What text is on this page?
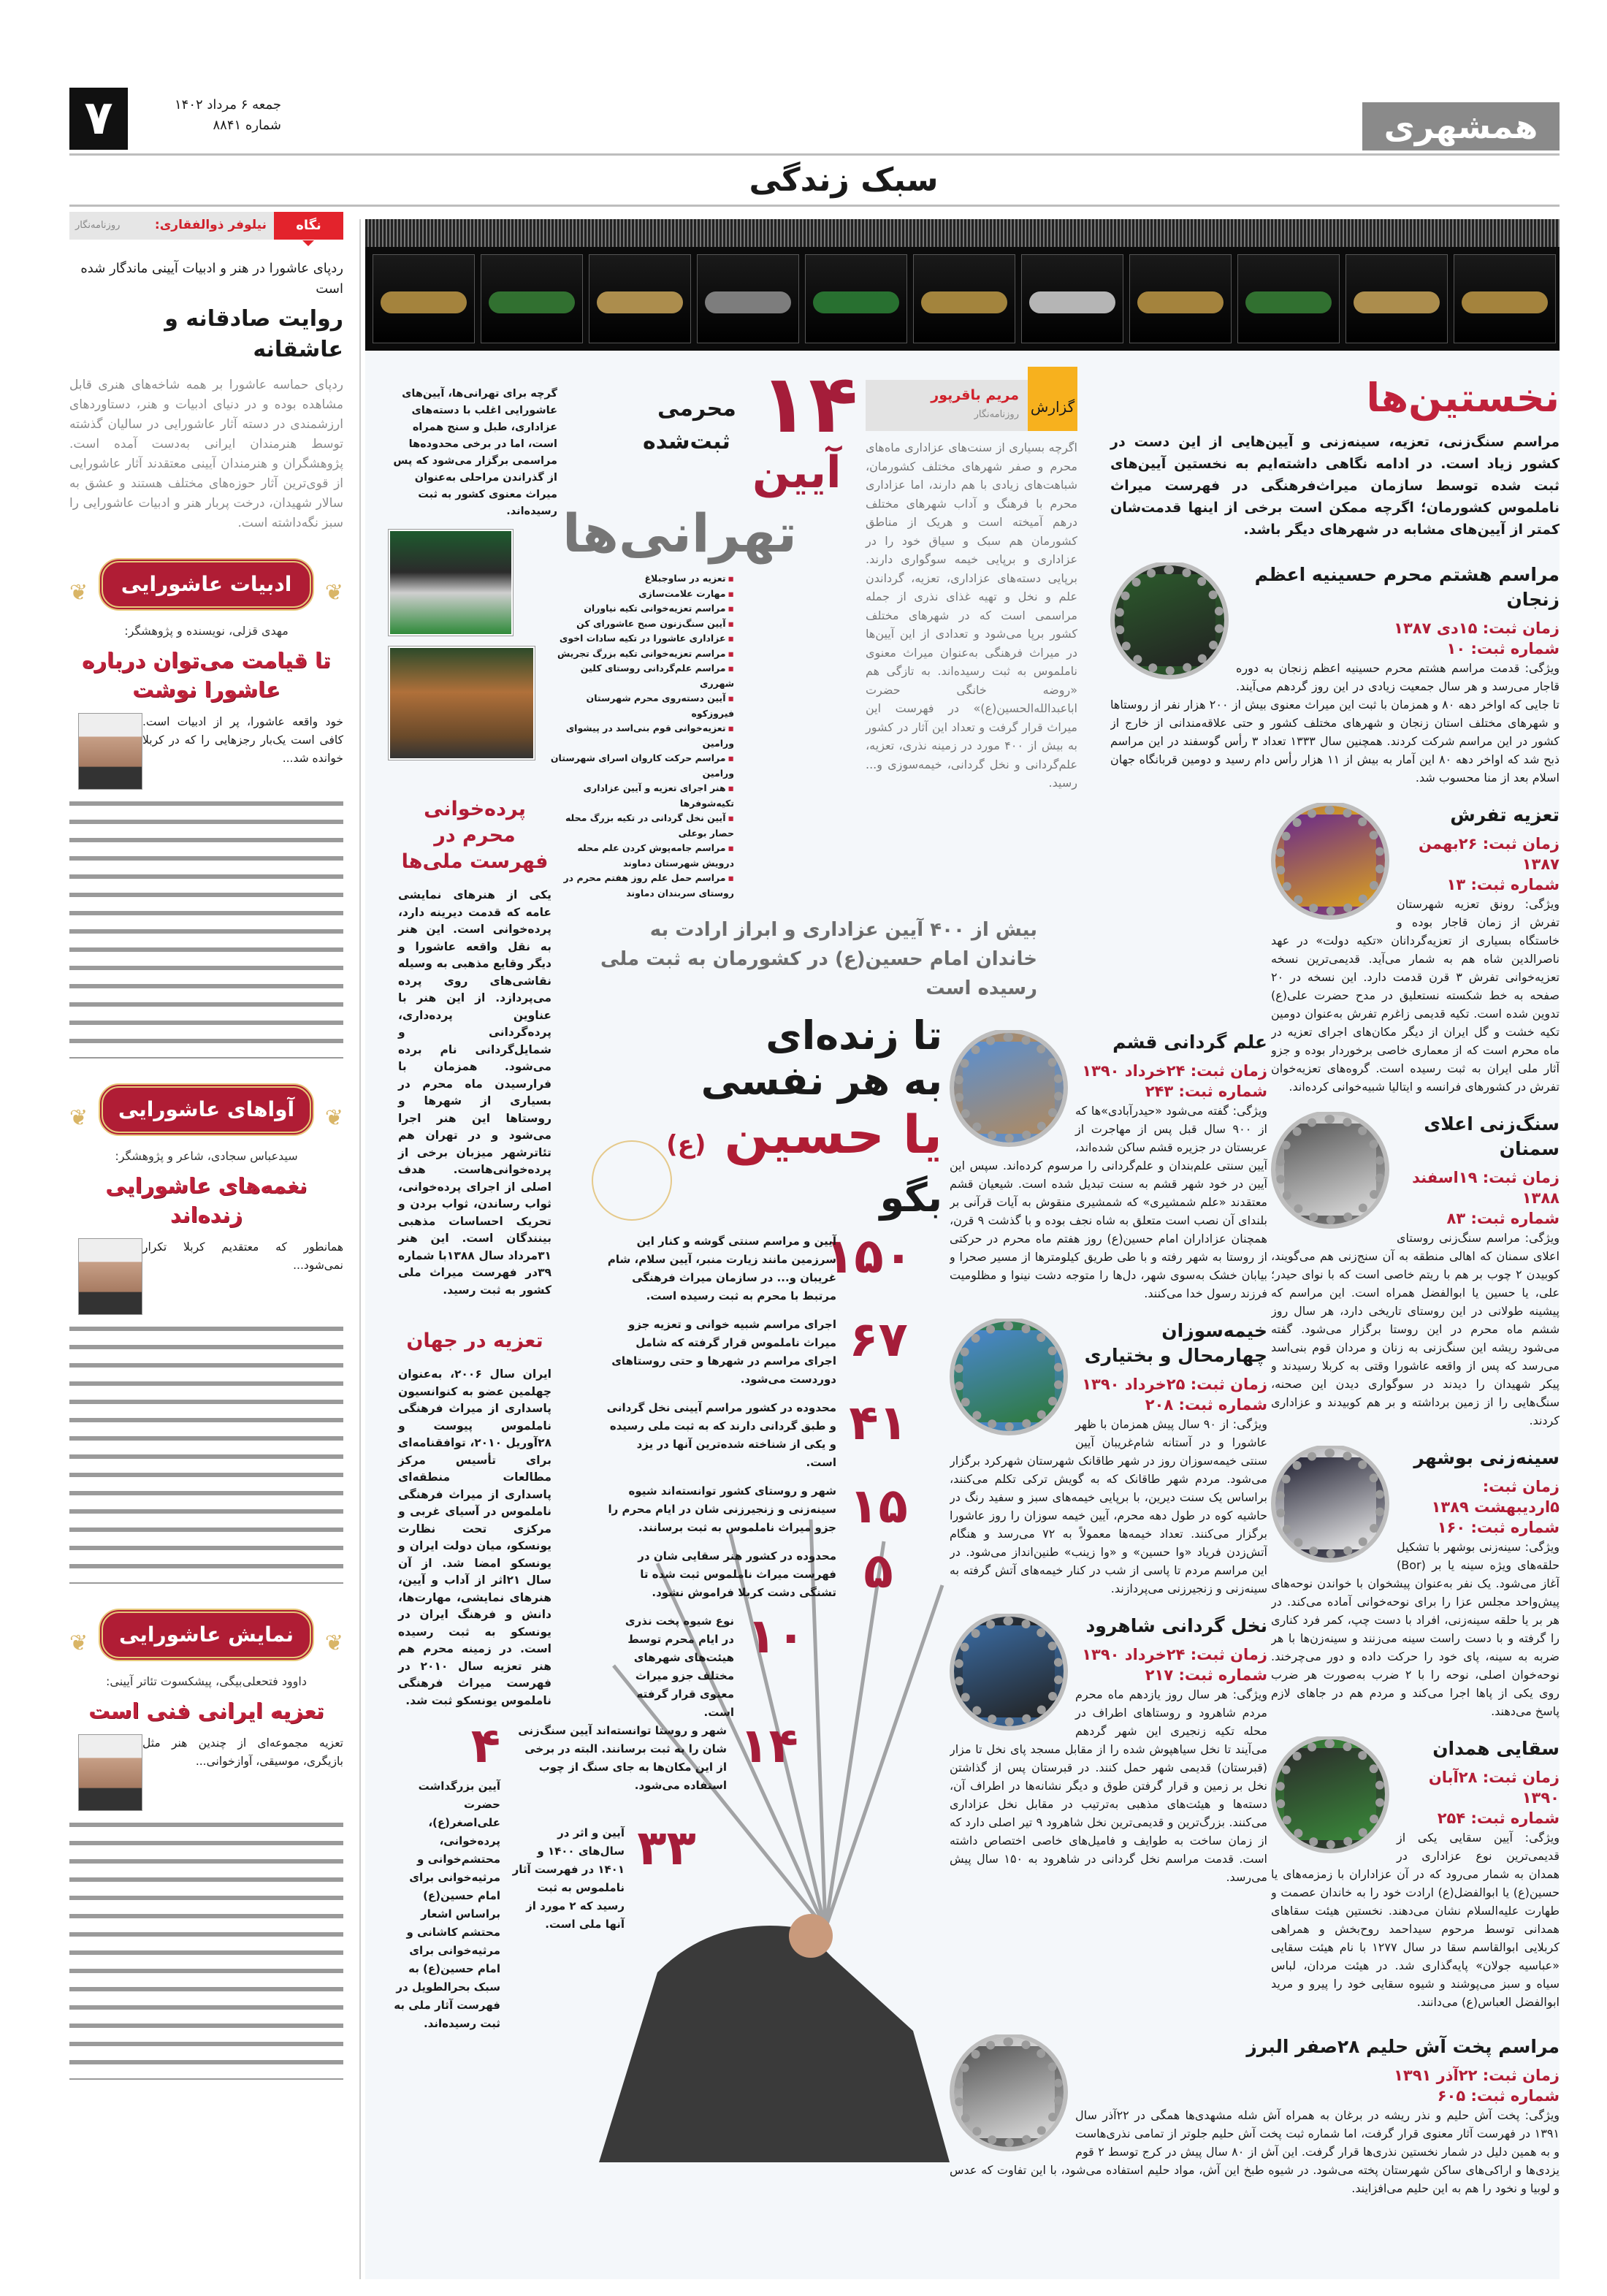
همشهری
سبک زندگی
۷	جمعه ۶ مرداد ۱۴۰۲
شماره ۸۸۴۱
نگاه
نیلوفر ذوالفقاری:
روزنامه‌نگار
ردپای عاشورا در هنر و ادبیات آیینی ماندگار شده است
روایت صادقانه و عاشقانه
ردپای حماسه عاشورا بر همه شاخه‌های هنری قابل مشاهده بوده و در دنیای ادبیات و هنر، دستاوردهای ارزشمندی در دسته آثار عاشورایی در سالیان گذشته توسط هنرمندان ایرانی به‌دست آمده است. پژوهشگران و هنرمندان آیینی معتقدند آثار عاشورایی از قوی‌ترین آثار حوزه‌های مختلف هستند و عشق به سالار شهیدان، درخت پربار هنر و ادبیات عاشورایی را سبز نگه‌داشته است.
❦ ادبیات عاشورایی ❦
مهدی قزلی، نویسنده و پژوهشگر:
تا قیامت می‌توان درباره عاشورا نوشت
خود واقعه عاشورا، پر از ادبیات است. کافی است یک‌بار رجزهایی را که در کربلا خوانده شد...
❦ آواهای عاشورایی ❦
سیدعباس سجادی، شاعر و پژوهشگر:
نغمه‌های عاشورایی زنده‌اند
همانطور که معتقدیم کربلا تکرار نمی‌شود...
❦ نمایش عاشورایی ❦
داوود فتحعلی‌بیگی، پیشکسوت تئاتر آیینی:
تعزیه ایرانی فنی است
تعزیه مجموعه‌ای از چندین هنر مثل بازیگری، موسیقی، آوازخوانی...
نخستین‌ها
مراسم سنگ‌زنی، تعزیه، سینه‌زنی و آیین‌هایی از این دست در کشور زیاد است. در ادامه نگاهی داشته‌ایم به نخستین آیین‌های ثبت شده توسط سازمان میراث‌فرهنگی در فهرست میراث ناملموس کشورمان؛ اگرچه ممکن است برخی از اینها قدمت‌شان کمتر از آیین‌های مشابه در شهرهای دیگر باشد.
گزارش
مریم باقرپور
روزنامه‌نگار
اگرچه بسیاری از سنت‌های عزاداری ماه‌های محرم و صفر شهرهای مختلف کشورمان، شباهت‌های زیادی با هم دارند، اما عزاداری محرم با فرهنگ و آداب شهرهای مختلف درهم آمیخته است و هریک از مناطق کشورمان هم سبک و سیاق خود را در عزاداری و برپایی خیمه سوگواری دارند. برپایی دسته‌های عزاداری، تعزیه، گرداندن علم و نخل و تهیه غذای نذری از جمله مراسمی است که در شهرهای مختلف کشور برپا می‌شود و تعدادی از این آیین‌ها در میراث فرهنگی به‌عنوان میراث معنوی ناملموس به ثبت رسیده‌اند. به تازگی هم «روضه خانگی حضرت اباعبدالله‌الحسین(ع)» در فهرست این میراث قرار گرفت و تعداد این آثار در کشور به بیش از ۴۰۰ مورد در زمینه نذری، تعزیه، علم‌گردانی و نخل گردانی، خیمه‌سوزی و... رسید.
گرچه برای تهرانی‌ها، آیین‌های عاشورایی اغلب با دسته‌های عزاداری، طبل و سنج همراه است، اما در برخی محدوده‌ها مراسمی برگزار می‌شود که پس از گذراندن مراحلی به‌عنوان میراث معنوی کشور به ثبت رسیده‌اند.
۱۴
آیین
محرمی
ثبت‌شده
تهرانی‌ها
▪ تعزیه در ساوجبلاغ
▪ مهارت علامت‌سازی
▪ مراسم تعزیه‌خوانی تکیه نیاوران
▪ آیین سنگ‌زنون صبح عاشورای کن
▪ عزاداری عاشورا در تکیه سادات اخوی
▪ مراسم تعزیه‌خوانی تکیه بزرگ تجریش
▪ مراسم علم‌گردانی روستای کلین شهرری
▪ آیین دسته‌روی محرم شهرستان فیروزکوه
▪ تعزیه‌خوانی قوم بنی‌اسد در پیشوای ورامین
▪ مراسم حرکت کاروان اسرای شهرستان ورامین
▪ هنر اجرای تعزیه و آیین عزاداری تکیه‌شوفرها
▪ آیین نخل گردانی در تکیه بزرگ محله حصار بوعلی
▪ مراسم جامه‌پوش کردن علم محله درویش شهرستان دماوند
▪ مراسم حمل علم روز هفتم محرم در روستای سربندان دماوند
پرده‌خوانی محرم در فهرست ملی‌ها
یکی از هنرهای نمایشی عامه که قدمت دیرینه دارد، پرده‌خوانی است. این هنر به نقل واقعه عاشورا و دیگر وقایع مذهبی به وسیله نقاشی‌های روی پرده می‌پردازد. از این هنر با عناوین پرده‌داری، پرده‌گردانی و شمایل‌گردانی نام برده می‌شود. همزمان با فرارسیدن ماه محرم در بسیاری از شهرها و روستاها این هنر اجرا می‌شود و در تهران هم تئاترشهر میزبان برخی از پرده‌خوانی‌هاست. هدف اصلی از اجرای پرده‌خوانی، ثواب رساندن، ثواب بردن و تحریک احساسات مذهبی بینندگان است. این هنر ۳۱مرداد سال ۱۳۸۸با شماره ۳۹در فهرست میراث ملی کشور به ثبت رسید.
تعزیه در جهان
ایران سال ۲۰۰۶، به‌عنوان چهلمین عضو به کنوانسیون پاسداری از میراث فرهنگی ناملموس پیوست و ۲۸آوریل ۲۰۱۰، توافقنامه‌ای برای تأسیس مرکز مطالعات منطقه‌ای پاسداری از میراث فرهنگی ناملموس در آسیای غربی و مرکزی تحت نظارت یونسکو، میان دولت ایران و یونسکو امضا شد. از آن سال ۲۱اثر از آداب و آیین، هنرهای نمایشی، مهارت‌ها، دانش و فرهنگ ایران در یونسکو به ثبت رسیده است. در زمینه محرم هم هنر تعزیه سال ۲۰۱۰ در فهرست میراث فرهنگی ناملموس یونسکو ثبت شد.
بیش از ۴۰۰ آیین عزاداری و ابراز ارادت به خاندان امام حسین(ع) در کشورمان به ثبت ملی رسیده است
تا زنده‌ای
به هر نفسی
یا حسین (ع)
بگو
۱۵۰
آیین و مراسم سنتی گوشه و کنار این سرزمین مانند زیارت منبر، آیین سلام، شام غریبان و... در سازمان میراث فرهنگی مرتبط با محرم به ثبت رسیده است.
۶۷
اجرای مراسم شبیه خوانی و تعزیه جزو میراث ناملموس قرار گرفته که شامل اجرای مراسم در شهرها و حتی روستاهای دوردست می‌شود.
۴۱
محدوده در کشور مراسم آیینی نخل گردانی و طبق گردانی دارند که به ثبت ملی رسیده و یکی از شناخته شده‌ترین آنها در یزد است.
۱۵
شهر و روستای کشور توانسته‌اند شیوه سینه‌زنی و زنجیرزنی شان در ایام محرم را جزو میراث ناملموس به ثبت برسانند.
۵
محدوده در کشور هنر سقایی شان در فهرست میراث ناملموس ثبت شده تا تشنگی دشت کربلا فراموش نشود.
۱۰
نوع شیوه پخت نذری در ایام محرم توسط هیئت‌های شهرهای مختلف جزو میراث معنوی قرار گرفته است.
۱۴
شهر و روستا توانسته‌اند آیین سنگ‌زنی شان را به ثبت برسانند. البته در برخی از این مکان‌ها به جای سنگ از چوب استفاده می‌شود.
۳۳
آیین و اثر در سال‌های ۱۴۰۰ و ۱۴۰۱ در فهرست آثار ناملموس به ثبت رسید که ۲ مورد از آنها ملی است.
۴
آیین بزرگداشت حضرت علی‌اصغر(ع)، پرده‌خوانی، محتشم‌خوانی و مرثیه‌خوانی برای امام حسین(ع) براساس اشعار محتشم کاشانی و مرثیه‌خوانی برای امام حسین(ع) به سبک بحرالطویل در فهرست آثار ملی به ثبت رسیده‌اند.
مراسم هشتم محرم حسینیه اعظم زنجان
زمان ثبت: ۱۵دی ۱۳۸۷
شماره ثبت: ۱۰

ویژگی: قدمت مراسم هشتم محرم حسینیه اعظم زنجان به دوره قاجار می‌رسد و هر سال جمعیت زیادی در این روز گردهم می‌آیند. تا جایی که اواخر دهه ۸۰ و همزمان با ثبت این میراث معنوی بیش از ۲۰۰ هزار نفر از روستاها و شهرهای مختلف استان زنجان و شهرهای مختلف کشور و حتی علاقه‌مندانی از خارج از کشور در این مراسم شرکت کردند. همچنین سال ۱۳۳۳ تعداد ۳ رأس گوسفند در این مراسم ذبح شد که اواخر دهه ۸۰ این آمار به بیش از ۱۱ هزار رأس دام رسید و دومین قربانگاه جهان اسلام بعد از منا محسوب شد.

تعزیه تفرش
زمان ثبت: ۲۶بهمن ۱۳۸۷
شماره ثبت: ۱۳

ویژگی: رونق تعزیه شهرستان تفرش از زمان قاجار بوده و خاستگاه بسیاری از تعزیه‌گردانان «تکیه دولت» در عهد ناصرالدین شاه هم به شمار می‌آید. قدیمی‌ترین نسخه تعزیه‌خوانی تفرش ۳ قرن قدمت دارد. این نسخه در ۲۰ صفحه به خط شکسته نستعلیق در مدح حضرت علی(ع) تدوین شده است. تکیه قدیمی زاغرم تفرش به‌عنوان دومین تکیه خشت و گل ایران از دیگر مکان‌های اجرای تعزیه در ماه محرم است که از معماری خاصی برخوردار بوده و جزو آثار ملی ایران به ثبت رسیده است. گروه‌های تعزیه‌خوان تفرش در کشورهای فرانسه و ایتالیا شبیه‌خوانی کرده‌اند.

سنگ‌زنی اعلای سمنان
زمان ثبت: ۱۹اسفند ۱۳۸۸
شماره ثبت: ۸۳

ویژگی: مراسم سنگ‌زنی روستای اعلای سمنان که اهالی منطقه به آن سنج‌زنی هم می‌گویند، کوبیدن ۲ چوب بر هم با ریتم خاصی است که با نوای حیدر؛ علی، یا حسین یا ابوالفضل همراه است. این مراسم که پیشینه طولانی در این روستای تاریخی دارد، هر سال روز ششم ماه محرم در این روستا برگزار می‌شود. گفته می‌شود ریشه این سنگ‌زنی به زنان و مردان قوم بنی‌اسد می‌رسد که پس از واقعه عاشورا وقتی به کربلا رسیدند و پیکر شهیدان را دیدند در سوگواری دیدن این صحنه، سنگ‌هایی را از زمین برداشته و بر هم کوبیدند و عزاداری کردند.

سینه‌زنی بوشهر
زمان ثبت: ۵اردیبهشت ۱۳۸۹
شماره ثبت: ۱۶۰

ویژگی: سینه‌زنی بوشهر با تشکیل حلقه‌های ویژه سینه یا بر (Bor) آغاز می‌شود. یک نفر به‌عنوان پیشخوان با خواندن نوحه‌های پیش‌واحد مجلس عزا را برای نوحه‌خوانی آماده می‌کند. در هر بر یا حلقه سینه‌زنی، افراد با دست چپ، کمر فرد کناری را گرفته و با دست راست سینه می‌زنند و سینه‌زن‌ها با هر ضربه به سینه، پای خود را حرکت داده و دور می‌چرخند. نوحه‌خوان اصلی، نوحه را با ۲ ضرب به‌صورت هر ضرب روی یکی از پاها اجرا می‌کند و مردم هم در جاهای لازم پاسخ می‌دهند.

سقایی همدان
زمان ثبت: ۲۸آبان ۱۳۹۰
شماره ثبت: ۲۵۴

ویژگی: آیین سقایی یکی از قدیمی‌ترین نوع عزاداری در همدان به شمار می‌رود که در آن عزاداران با زمزمه‌های یا حسین(ع) یا ابوالفضل(ع) ارادت خود را به خاندان عصمت و طهارت علیه‌السلام نشان می‌دهند. نخستین هیئت سقاهای همدانی توسط مرحوم سیداحمد روح‌بخش و همراهی کربلایی ابوالقاسم سقا در سال ۱۲۷۷ با نام هیئت سقایی «عباسیه جولان» پایه‌گذاری شد. در هیئت مردان، لباس سیاه و سبز می‌پوشند و شیوه سقایی خود را پیرو و مرید ابوالفضل العباس(ع) می‌دانند.

علم گردانی قشم
زمان ثبت: ۲۴خرداد ۱۳۹۰
شماره ثبت: ۲۴۳

ویژگی: گفته می‌شود «حیدرآبادی»ها که از ۹۰۰ سال قبل پس از مهاجرت از عربستان در جزیره قشم ساکن شده‌اند، آیین سنتی علم‌بندان و علم‌گردانی را مرسوم کرده‌اند. سپس این آیین در خود شهر قشم به سنت تبدیل شده است. شیعیان قشم معتقدند «علم شمشیری» که شمشیری منقوش به آیات قرآنی بر بلندای آن نصب است متعلق به شاه نجف بوده و با گذشت ۹ قرن، همچنان عزاداران امام حسین(ع) روز هفتم ماه محرم در حرکتی از روستا به شهر رفته و با طی طریق کیلومترها از مسیر صحرا و بیابان خشک به‌سوی شهر، دل‌ها را متوجه دشت نینوا و مظلومیت فرزند رسول خدا می‌کنند.

خیمه‌سوزان چهارمحال و بختیاری
زمان ثبت: ۲۵خرداد ۱۳۹۰
شماره ثبت: ۲۰۸

ویژگی: از ۹۰ سال پیش همزمان با ظهر عاشورا و در آستانه شام‌غریبان آیین سنتی خیمه‌سوزان روز در شهر طاقانک شهرستان شهرکرد برگزار می‌شود. مردم شهر طاقانک که به گویش ترکی تکلم می‌کنند، براساس یک سنت دیرین، با برپایی خیمه‌های سبز و سفید رنگ در حاشیه کوه در طول دهه محرم، آیین خیمه سوزان را روز عاشورا برگزار می‌کنند. تعداد خیمه‌ها معمولاً به ۷۲ می‌رسد و هنگام آتش‌زدن فریاد «وا حسین» و «وا زینب» طنین‌انداز می‌شود. در این مراسم مردم تا پاسی از شب در کنار خیمه‌های آتش گرفته به سینه‌زنی و زنجیرزنی می‌پردازند.

نخل گردانی شاهرود
زمان ثبت: ۲۴خرداد ۱۳۹۰
شماره ثبت: ۲۱۷

ویژگی: هر سال روز یازدهم ماه محرم مردم شاهرود و روستاهای اطراف در محله تکیه زنجیری این شهر گردهم می‌آیند تا نخل سیاهپوش شده را از مقابل مسجد پای نخل تا مزار (قبرستان) قدیمی شهر حمل کنند. در قبرستان پس از گذاشتن نخل بر زمین و قرار گرفتن طوق و دیگر نشانه‌ها در اطراف آن، دسته‌ها و هیئت‌های مذهبی به‌ترتیب در مقابل نخل عزاداری می‌کنند. بزرگ‌ترین و قدیمی‌ترین نخل شاهرود ۹ تیر اصلی دارد که از زمان ساخت به طوایف و فامیل‌های خاصی اختصاص داشته است. قدمت مراسم نخل گردانی در شاهرود به ۱۵۰ سال پیش می‌رسد.

مراسم پخت آش حلیم ۲۸صفر البرز
زمان ثبت: ۲۲آذر ۱۳۹۱
شماره ثبت: ۶۰۵

ویژگی: پخت آش حلیم و نذر ریشه در برغان به همراه آش شله مشهدی‌ها همگی در ۲۲آذر سال ۱۳۹۱ در فهرست آثار معنوی قرار گرفت، اما شماره ثبت پخت آش حلیم جلوتر از تمامی نذری‌هاست و به همین دلیل در شمار نخستین نذری‌ها قرار گرفت. این آش از ۸۰ سال پیش در کرج توسط ۲ قوم یزدی‌ها و اراکی‌های ساکن شهرستان پخته می‌شود. در شیوه طبخ این آش، مواد حلیم استفاده می‌شود، با این تفاوت که عدس و لوبیا و نخود را هم به این حلیم می‌افزایند.
